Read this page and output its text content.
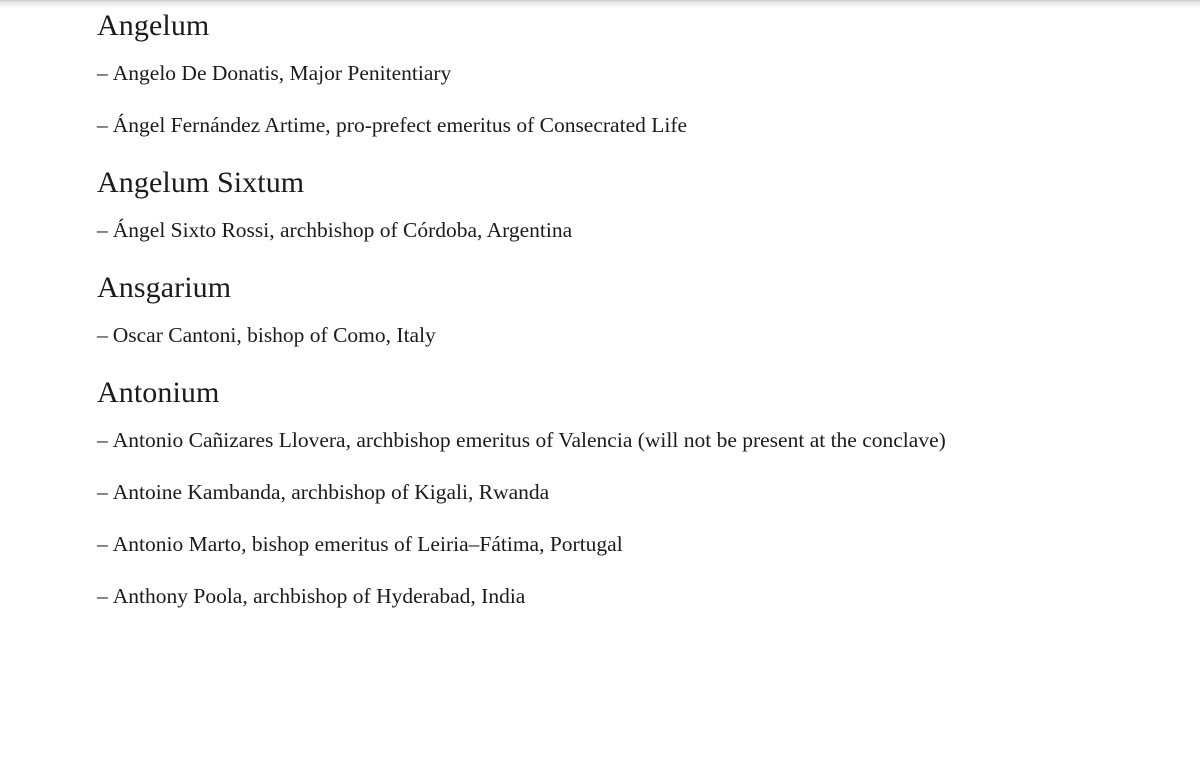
Angelum
– Angelo De Donatis, Major Penitentiary
– Ángel Fernández Artime, pro-prefect emeritus of Consecrated Life
Angelum Sixtum
– Ángel Sixto Rossi, archbishop of Córdoba, Argentina
Ansgarium
– Oscar Cantoni, bishop of Como, Italy
Antonium
– Antonio Cañizares Llovera, archbishop emeritus of Valencia (will not be present at the conclave)
– Antoine Kambanda, archbishop of Kigali, Rwanda
– Antonio Marto, bishop emeritus of Leiria–Fátima, Portugal
– Anthony Poola, archbishop of Hyderabad, India
